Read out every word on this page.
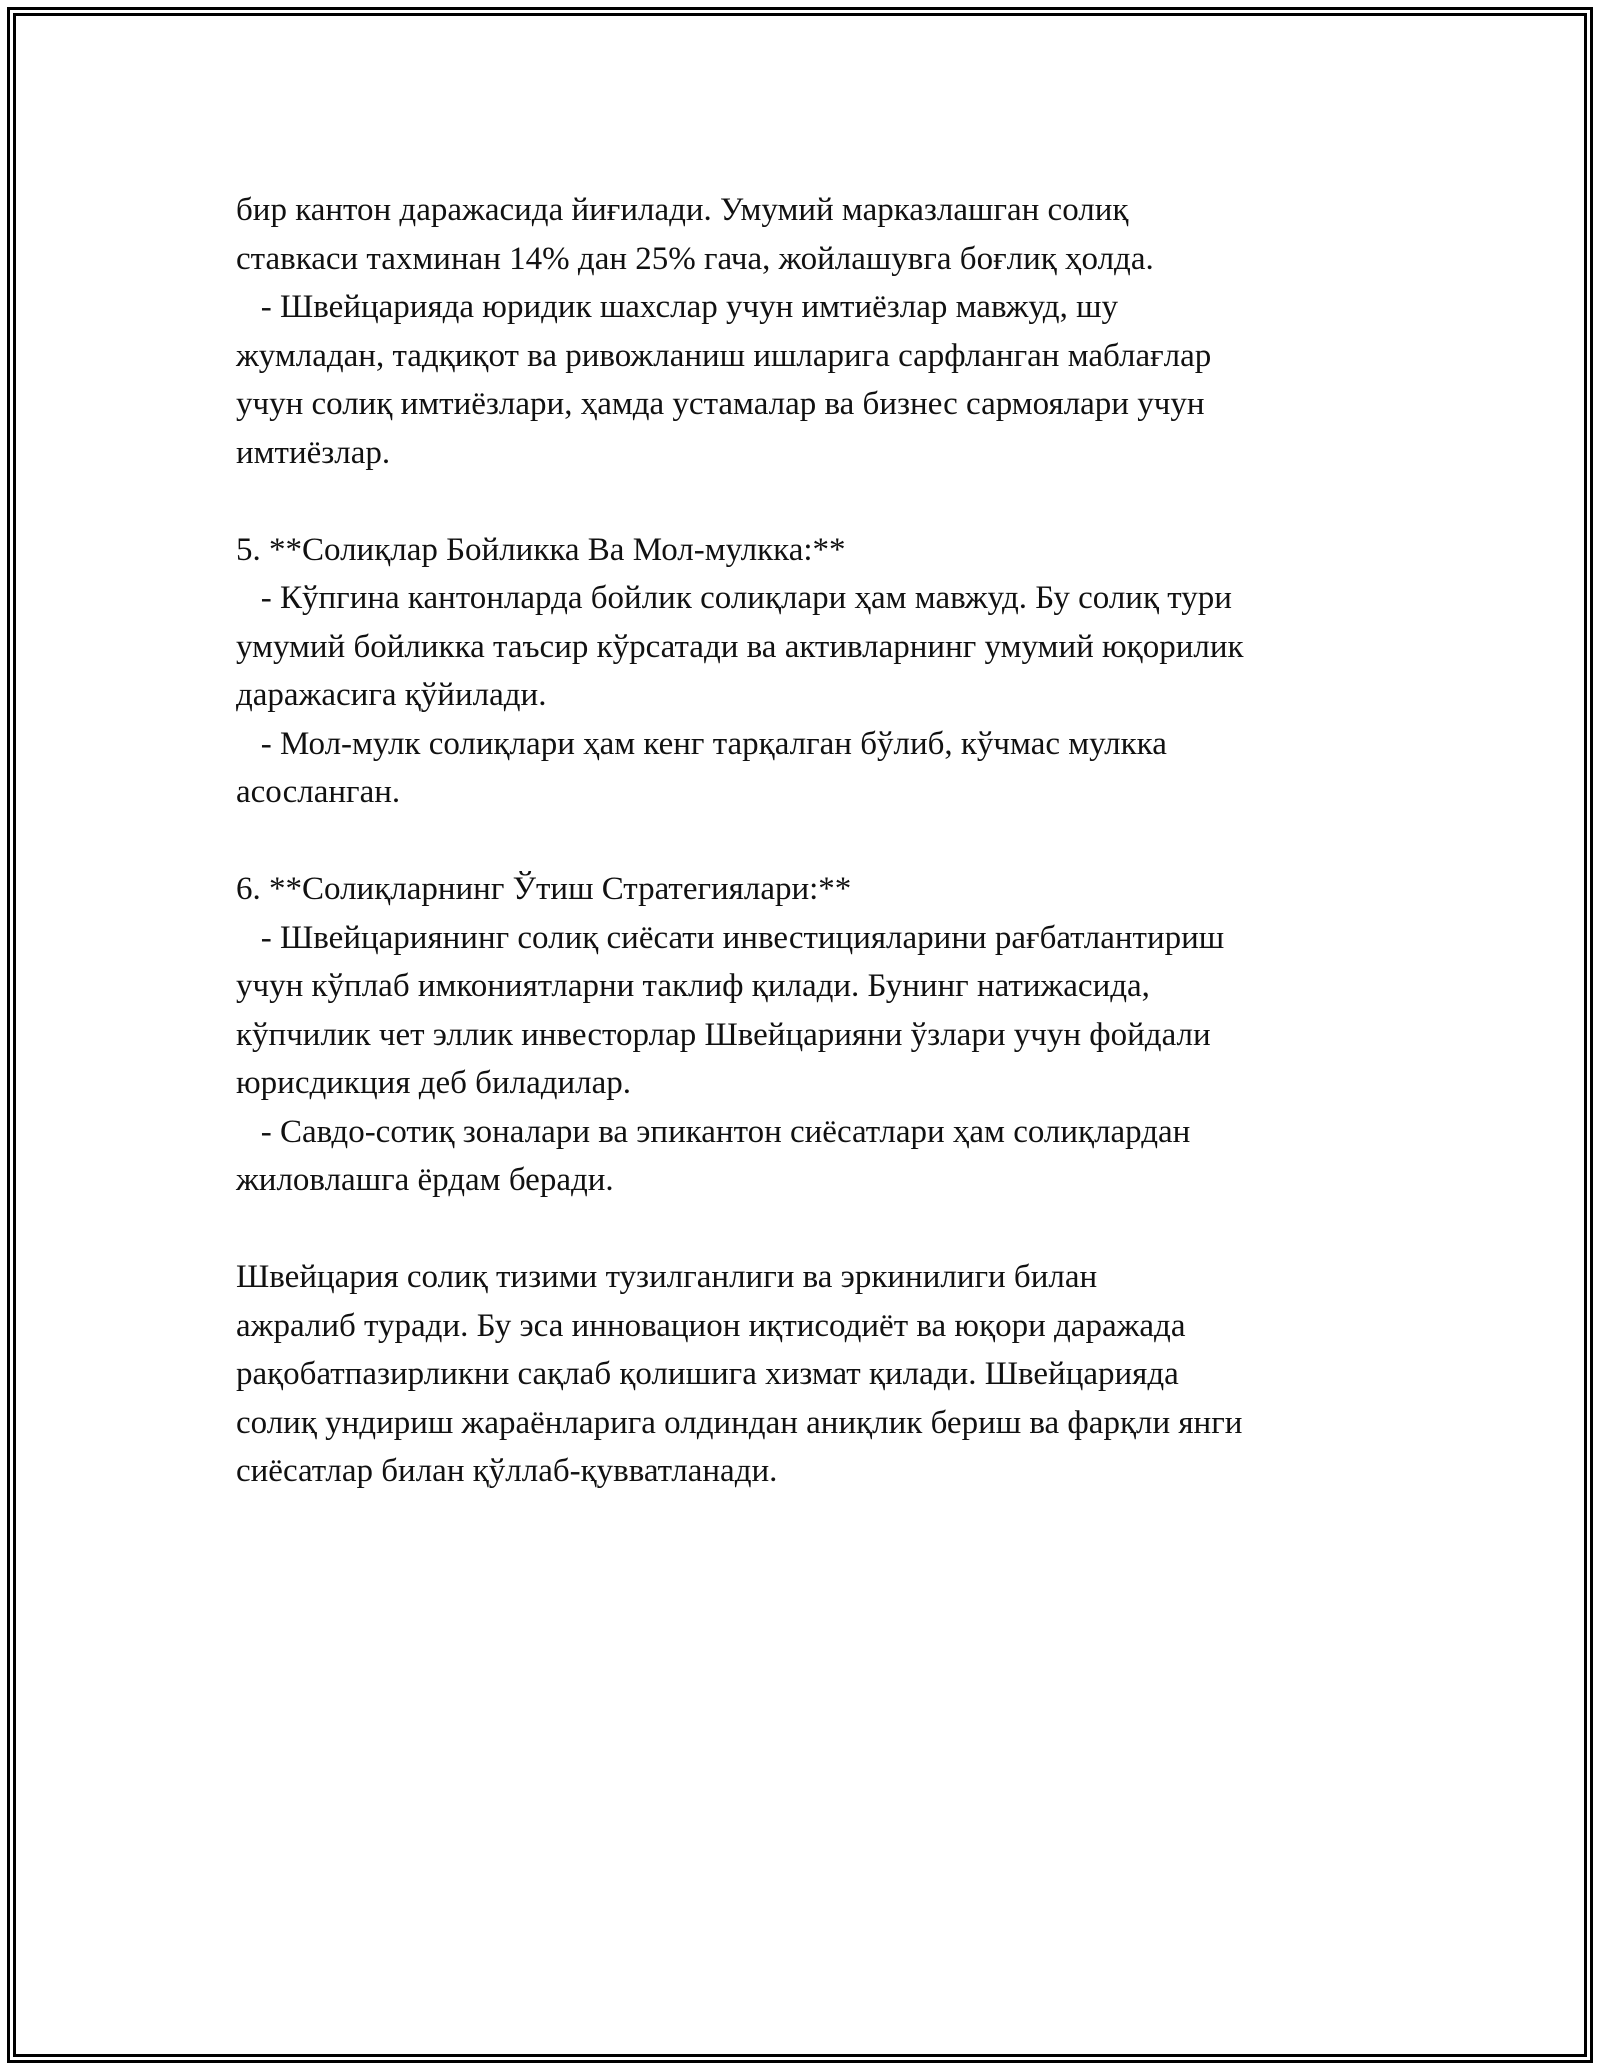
бир кантон даражасида йиғилади. Умумий марказлашган солиқ
ставкаси тахминан 14% дан 25% гача, жойлашувга боғлиқ ҳолда.
- Швейцарияда юридик шахслар учун имтиёзлар мавжуд, шу
жумладан, тадқиқот ва ривожланиш ишларига сарфланган маблағлар
учун солиқ имтиёзлари, ҳамда устамалар ва бизнес сармоялари учун
имтиёзлар.
5. **Солиқлар Бойликка Ва Мол-мулкка:**
- Кўпгина кантонларда бойлик солиқлари ҳам мавжуд. Бу солиқ тури
умумий бойликка таъсир кўрсатади ва активларнинг умумий юқорилик
даражасига қўйилади.
- Мол-мулк солиқлари ҳам кенг тарқалган бўлиб, кўчмас мулкка
асосланган.
6. **Солиқларнинг Ўтиш Стратегиялари:**
- Швейцариянинг солиқ сиёсати инвестицияларини рағбатлантириш
учун кўплаб имкониятларни таклиф қилади. Бунинг натижасида,
кўпчилик чет эллик инвесторлар Швейцарияни ўзлари учун фойдали
юрисдикция деб биладилар.
- Савдо-сотиқ зоналари ва эпикантон сиёсатлари ҳам солиқлардан
жиловлашга ёрдам беради.
Швейцария солиқ тизими тузилганлиги ва эркинилиги билан
ажралиб туради. Бу эса инновацион иқтисодиёт ва юқори даражада
рақобатпазирликни сақлаб қолишига хизмат қилади. Швейцарияда
солиқ ундириш жараёнларига олдиндан аниқлик бериш ва фарқли янги
сиёсатлар билан қўллаб-қувватланади.
